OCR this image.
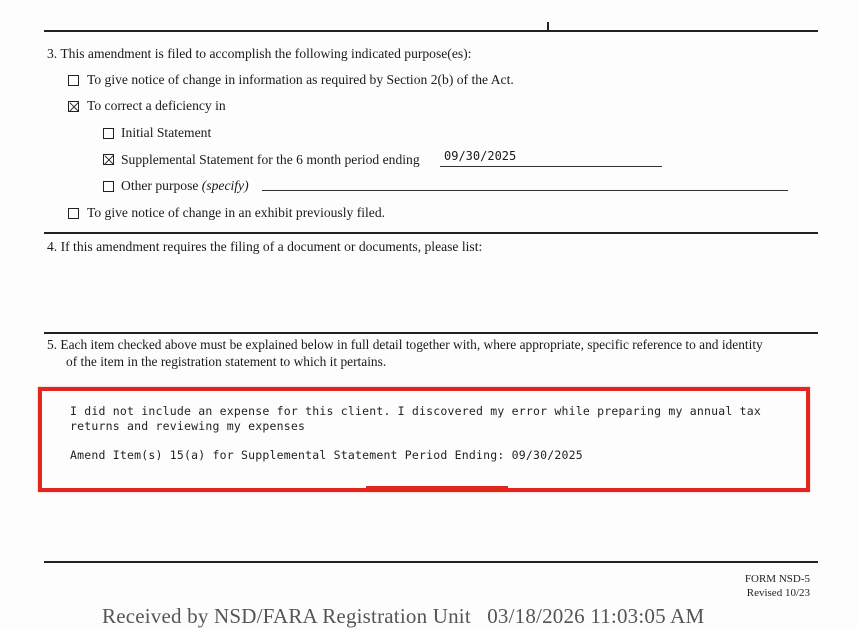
3. This amendment is filed to accomplish the following indicated purpose(es):
To give notice of change in information as required by Section 2(b) of the Act.
To correct a deficiency in
Initial Statement
Supplemental Statement for the 6 month period ending 09/30/2025
Other purpose (specify)
To give notice of change in an exhibit previously filed.
4. If this amendment requires the filing of a document or documents, please list:
5. Each item checked above must be explained below in full detail together with, where appropriate, specific reference to and identity
of the item in the registration statement to which it pertains.
I did not include an expense for this client. I discovered my error while preparing my annual tax
returns and reviewing my expenses
Amend Item(s) 15(a) for Supplemental Statement Period Ending: 09/30/2025
FORM NSD-5
Revised 10/23
Received by NSD/FARA Registration Unit   03/18/2026 11:03:05 AM
